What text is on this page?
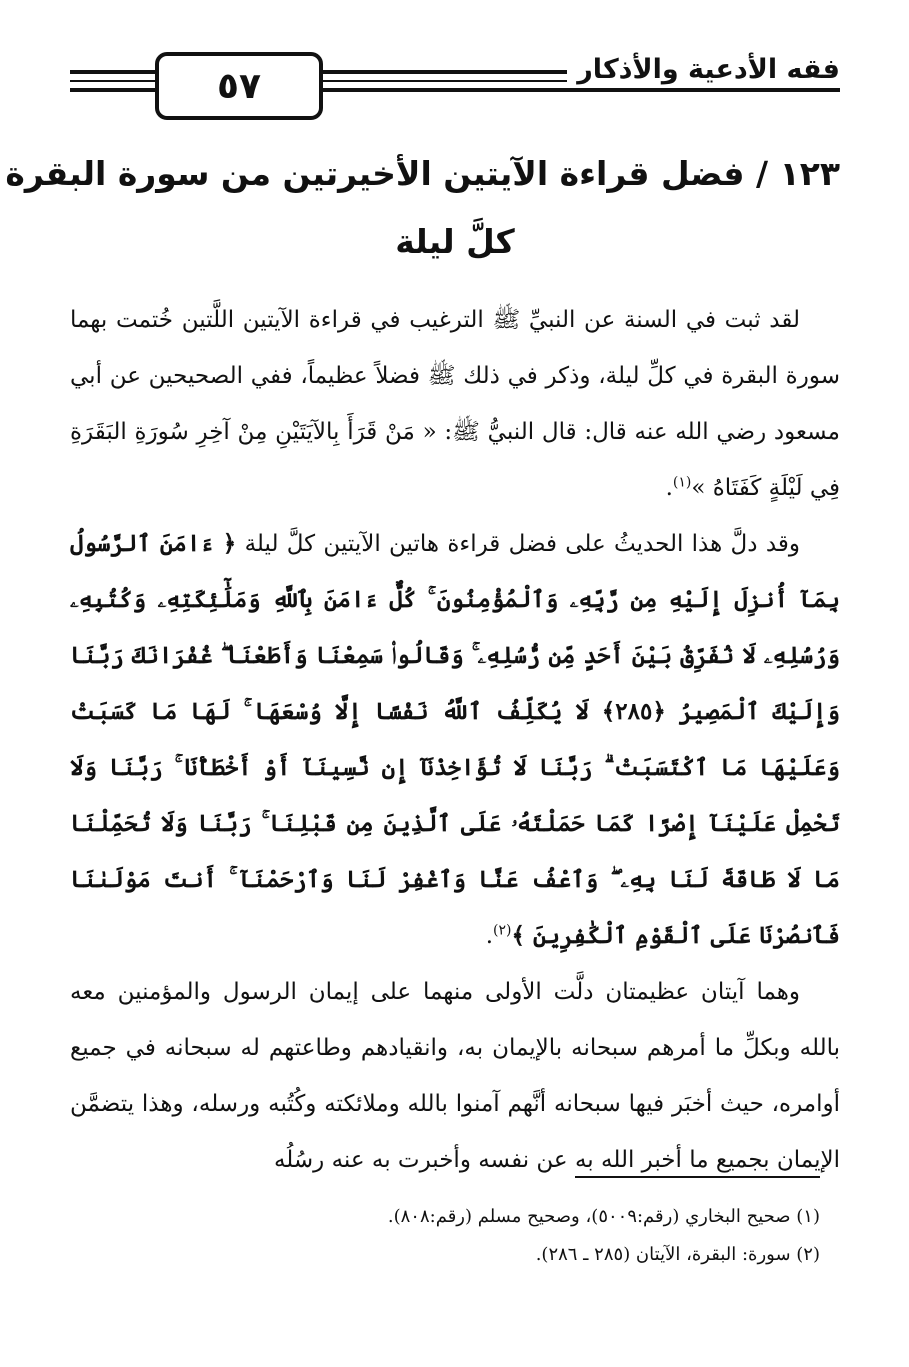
٥٧	فقه الأدعية والأذكار
١٢٣ / فضل قراءة الآيتين الأخيرتين من سورة البقرة
كلَّ ليلة

لقد ثبت في السنة عن النبيِّ ﷺ الترغيب في قراءة الآيتين اللَّتين خُتمت بهما سورة البقرة في كلِّ ليلة، وذكر في ذلك ﷺ فضلاً عظيماً، ففي الصحيحين عن أبي مسعود رضي الله عنه قال: قال النبيُّ ﷺ: « مَنْ قَرَأَ بِالآيَتَيْنِ مِنْ آخِرِ سُورَةِ البَقَرَةِ فِي لَيْلَةٍ كَفَتَاهُ »$^{(١)}$.

وقد دلَّ هذا الحديثُ على فضل قراءة هاتين الآيتين كلَّ ليلة ﴿ ءَامَنَ ٱلرَّسُولُ بِمَآ أُنزِلَ إِلَيْهِ مِن رَّبِّهِۦ وَٱلْمُؤْمِنُونَ ۚ كُلٌّ ءَامَنَ بِٱللَّهِ وَمَلَٰٓئِكَتِهِۦ وَكُتُبِهِۦ وَرُسُلِهِۦ لَا نُفَرِّقُ بَيْنَ أَحَدٍ مِّن رُّسُلِهِۦ ۚ وَقَالُوا۟ سَمِعْنَا وَأَطَعْنَا ۖ غُفْرَانَكَ رَبَّنَا وَإِلَيْكَ ٱلْمَصِيرُ ﴿٢٨٥﴾ لَا يُكَلِّفُ ٱللَّهُ نَفْسًا إِلَّا وُسْعَهَا ۚ لَهَا مَا كَسَبَتْ وَعَلَيْهَا مَا ٱكْتَسَبَتْ ۗ رَبَّنَا لَا تُؤَاخِذْنَآ إِن نَّسِينَآ أَوْ أَخْطَأْنَا ۚ رَبَّنَا وَلَا تَحْمِلْ عَلَيْنَآ إِصْرًا كَمَا حَمَلْتَهُۥ عَلَى ٱلَّذِينَ مِن قَبْلِنَا ۚ رَبَّنَا وَلَا تُحَمِّلْنَا مَا لَا طَاقَةَ لَنَا بِهِۦ ۖ وَٱعْفُ عَنَّا وَٱغْفِرْ لَنَا وَٱرْحَمْنَآ ۚ أَنتَ مَوْلَىٰنَا فَٱنصُرْنَا عَلَى ٱلْقَوْمِ ٱلْكَٰفِرِينَ ﴾$^{(٢)}$.

وهما آيتان عظيمتان دلَّت الأولى منهما على إيمان الرسول والمؤمنين معه بالله وبكلِّ ما أمرهم سبحانه بالإيمان به، وانقيادهم وطاعتهم له سبحانه في جميع أوامره، حيث أخبَر فيها سبحانه أنَّهم آمنوا بالله وملائكته وكُتُبه ورسله، وهذا يتضمَّن الإيمان بجميع ما أخبر الله به عن نفسه وأخبرت به عنه رسُلُه

(١) صحيح البخاري (رقم:٥٠٠٩)، وصحيح مسلم (رقم:٨٠٨).
(٢) سورة: البقرة، الآيتان (٢٨٥ ـ ٢٨٦).
